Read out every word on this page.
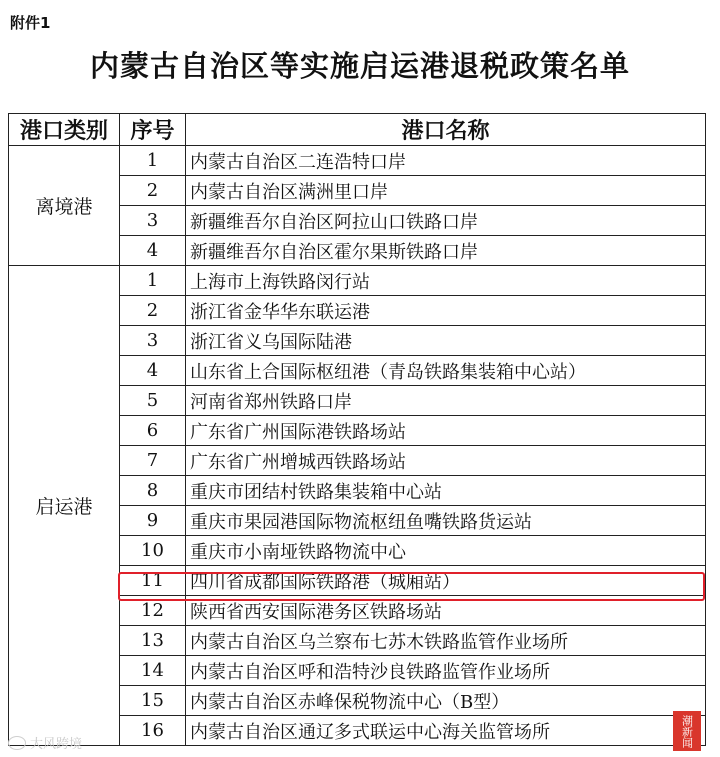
附件1
内蒙古自治区等实施启运港退税政策名单
港口类别	序号	港口名称
离境港	1	内蒙古自治区二连浩特口岸
	2	内蒙古自治区满洲里口岸
	3	新疆维吾尔自治区阿拉山口铁路口岸
	4	新疆维吾尔自治区霍尔果斯铁路口岸
启运港	1	上海市上海铁路闵行站
	2	浙江省金华华东联运港
	3	浙江省义乌国际陆港
	4	山东省上合国际枢纽港（青岛铁路集装箱中心站）
	5	河南省郑州铁路口岸
	6	广东省广州国际港铁路场站
	7	广东省广州增城西铁路场站
	8	重庆市团结村铁路集装箱中心站
	9	重庆市果园港国际物流枢纽鱼嘴铁路货运站
	10	重庆市小南垭铁路物流中心
	11	四川省成都国际铁路港（城厢站）
	12	陕西省西安国际港务区铁路场站
	13	内蒙古自治区乌兰察布七苏木铁路监管作业场所
	14	内蒙古自治区呼和浩特沙良铁路监管作业场所
	15	内蒙古自治区赤峰保税物流中心（B型）
	16	内蒙古自治区通辽多式联运中心海关监管场所
大风跨境	潮新闻
